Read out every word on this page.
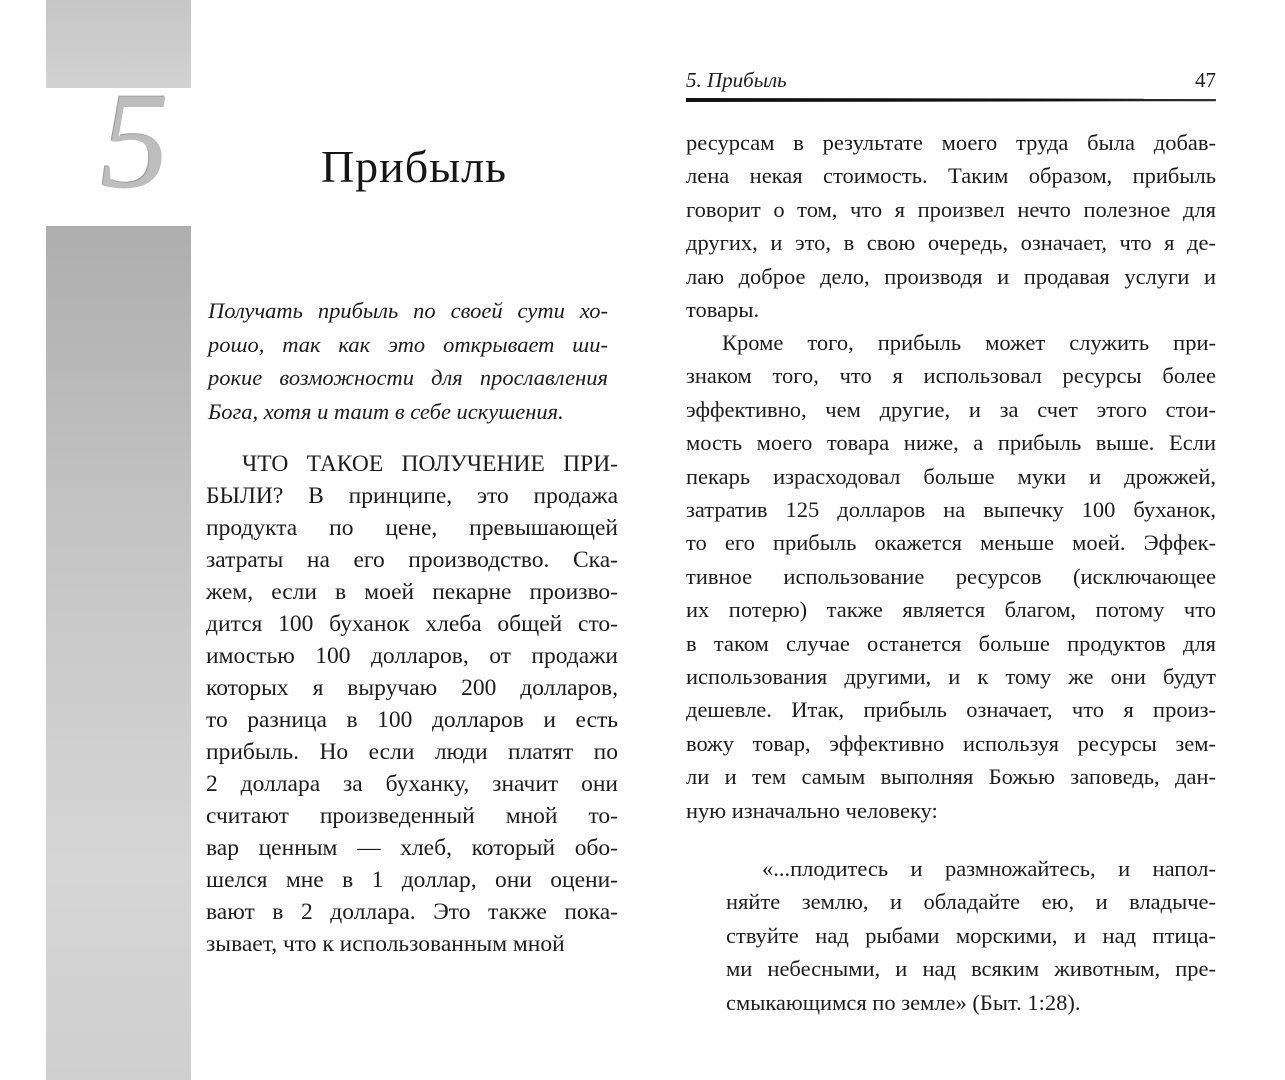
5	Прибыль
Получать прибыль по своей сути хо-
рошо, так как это открывает ши-
рокие возможности для прославления
Бога, хотя и таит в себе искушения.
ЧТО ТАКОЕ ПОЛУЧЕНИЕ ПРИ-
БЫЛИ? В принципе, это продажа
продукта по цене, превышающей
затраты на его производство. Ска-
жем, если в моей пекарне произво-
дится 100 буханок хлеба общей сто-
имостью 100 долларов, от продажи
которых я выручаю 200 долларов,
то разница в 100 долларов и есть
прибыль. Но если люди платят по
2 доллара за буханку, значит они
считают произведенный мной то-
вар ценным — хлеб, который обо-
шелся мне в 1 доллар, они оцени-
вают в 2 доллара. Это также пока-
зывает, что к использованным мной
5. Прибыль	47
ресурсам в результате моего труда была добав-
лена некая стоимость. Таким образом, прибыль
говорит о том, что я произвел нечто полезное для
других, и это, в свою очередь, означает, что я де-
лаю доброе дело, производя и продавая услуги и
товары.
Кроме того, прибыль может служить при-
знаком того, что я использовал ресурсы более
эффективно, чем другие, и за счет этого стои-
мость моего товара ниже, а прибыль выше. Если
пекарь израсходовал больше муки и дрожжей,
затратив 125 долларов на выпечку 100 буханок,
то его прибыль окажется меньше моей. Эффек-
тивное использование ресурсов (исключающее
их потерю) также является благом, потому что
в таком случае останется больше продуктов для
использования другими, и к тому же они будут
дешевле. Итак, прибыль означает, что я произ-
вожу товар, эффективно используя ресурсы зем-
ли и тем самым выполняя Божью заповедь, дан-
ную изначально человеку:
«...плодитесь и размножайтесь, и напол-
няйте землю, и обладайте ею, и владыче-
ствуйте над рыбами морскими, и над птица-
ми небесными, и над всяким животным, пре-
смыкающимся по земле» (Быт. 1:28).
